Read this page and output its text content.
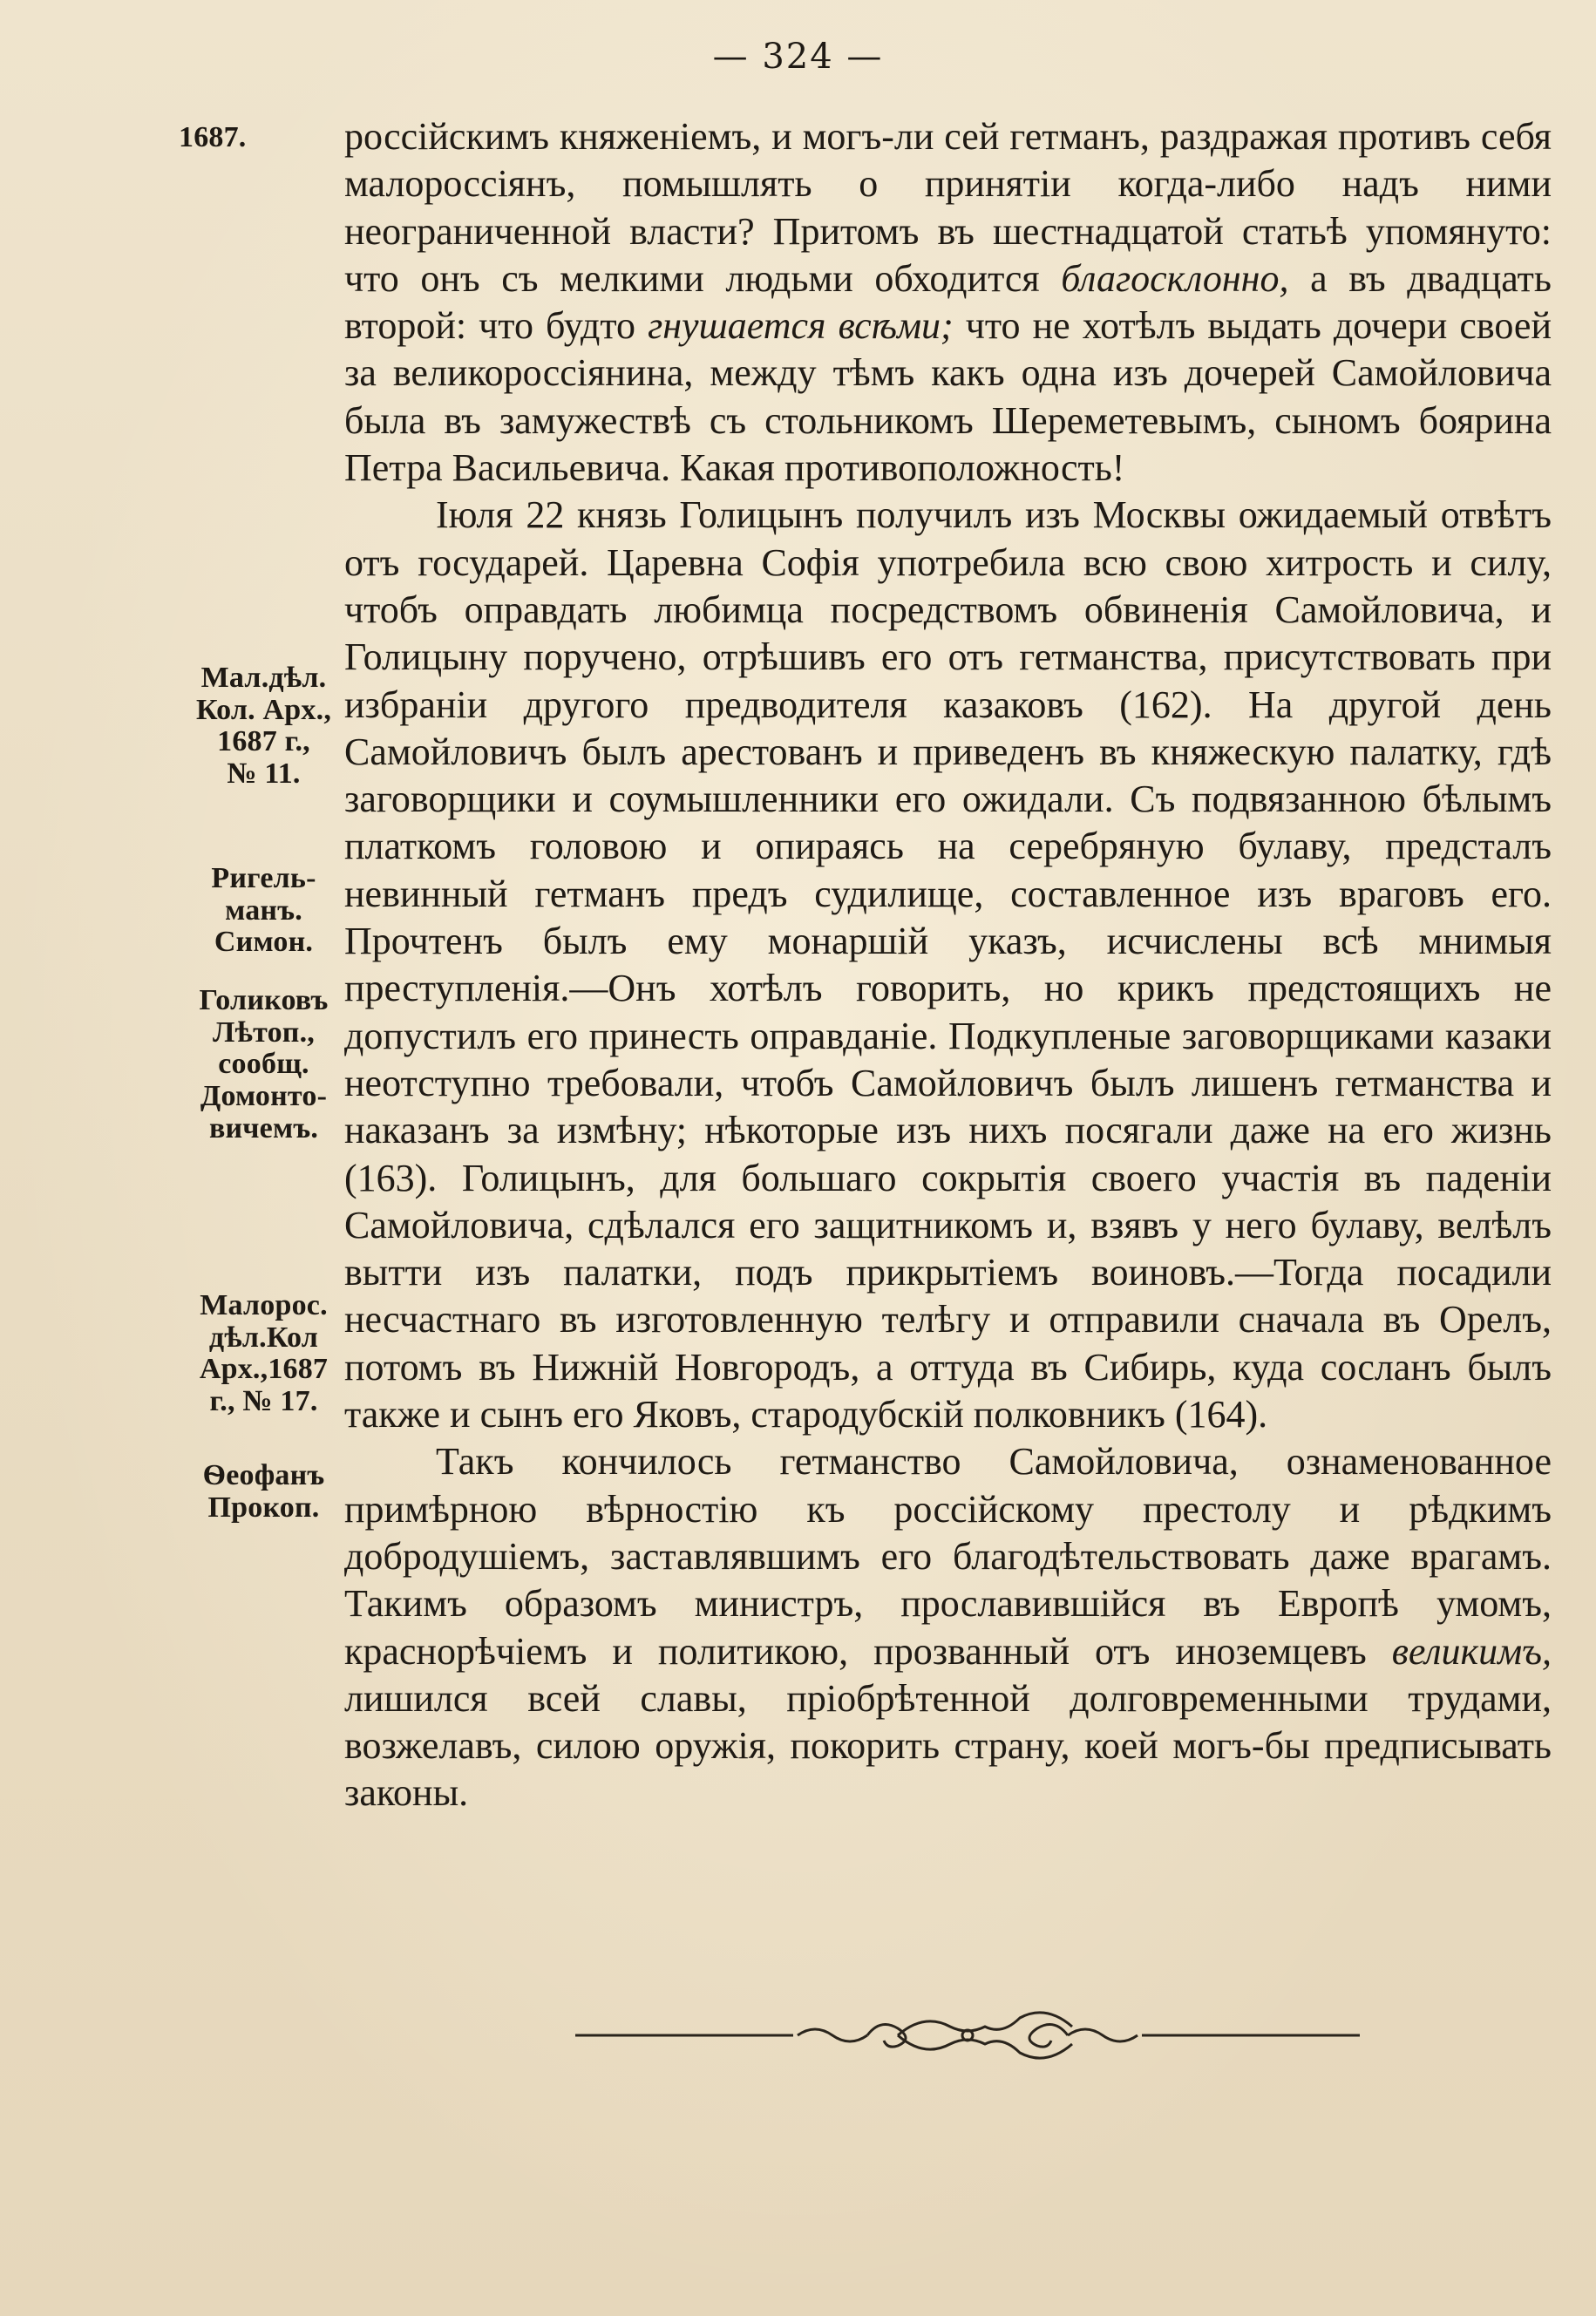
— 324 —
1687.
Мал.дѣл.
Кол. Арх.,
1687 г.,
№ 11.
Ригель-
манъ.
Симон.
Голиковъ
Лѣтоп.,
сообщ.
Домонто-
вичемъ.
Малорос.
дѣл.Кол
Арх.,1687
г., № 17.
Ѳеофанъ
Прокоп.

россійскимъ княженіемъ, и могъ-ли сей гетманъ, раздражая противъ себя малороссіянъ, помышлять о принятіи когда-либо надъ ними неограниченной власти? Притомъ въ шестнадцатой статьѣ упомянуто: что онъ съ мелкими людьми обходится благосклонно, а въ двадцать второй: что будто гнушается всѣми; что не хотѣлъ выдать дочери своей за великороссіянина, между тѣмъ какъ одна изъ дочерей Самойловича была въ замужествѣ съ стольникомъ Шереметевымъ, сыномъ боярина Петра Васильевича. Какая противоположность!

Іюля 22 князь Голицынъ получилъ изъ Москвы ожидаемый отвѣтъ отъ государей. Царевна Софія употребила всю свою хитрость и силу, чтобъ оправдать любимца посредствомъ обвиненія Самойловича, и Голицыну поручено, отрѣшивъ его отъ гетманства, присутствовать при избраніи другого предводителя казаковъ (162). На другой день Самойловичъ былъ арестованъ и приведенъ въ княжескую палатку, гдѣ заговорщики и соумышленники его ожидали. Съ подвязанною бѣлымъ платкомъ головою и опираясь на серебряную булаву, предсталъ невинный гетманъ предъ судилище, составленное изъ враговъ его. Прочтенъ былъ ему монаршій указъ, исчислены всѣ мнимыя преступленія.—Онъ хотѣлъ говорить, но крикъ предстоящихъ не допустилъ его принесть оправданіе. Подкупленые заговорщиками казаки неотступно требовали, чтобъ Самойловичъ былъ лишенъ гетманства и наказанъ за измѣну; нѣкоторые изъ нихъ посягали даже на его жизнь (163). Голицынъ, для большаго сокрытія своего участія въ паденіи Самойловича, сдѣлался его защитникомъ и, взявъ у него булаву, велѣлъ вытти изъ палатки, подъ прикрытіемъ воиновъ.—Тогда посадили несчастнаго въ изготовленную телѣгу и отправили сначала въ Орелъ, потомъ въ Нижній Новгородъ, а оттуда въ Сибирь, куда сосланъ былъ также и сынъ его Яковъ, стародубскій полковникъ (164).

Такъ кончилось гетманство Самойловича, ознаменованное примѣрною вѣрностію къ россійскому престолу и рѣдкимъ добродушіемъ, заставлявшимъ его благодѣтельствовать даже врагамъ. Такимъ образомъ министръ, прославившійся въ Европѣ умомъ, краснорѣчіемъ и политикою, прозванный отъ иноземцевъ великимъ, лишился всей славы, пріобрѣтенной долговременными трудами, возжелавъ, силою оружія, покорить страну, коей могъ-бы предписывать законы.
